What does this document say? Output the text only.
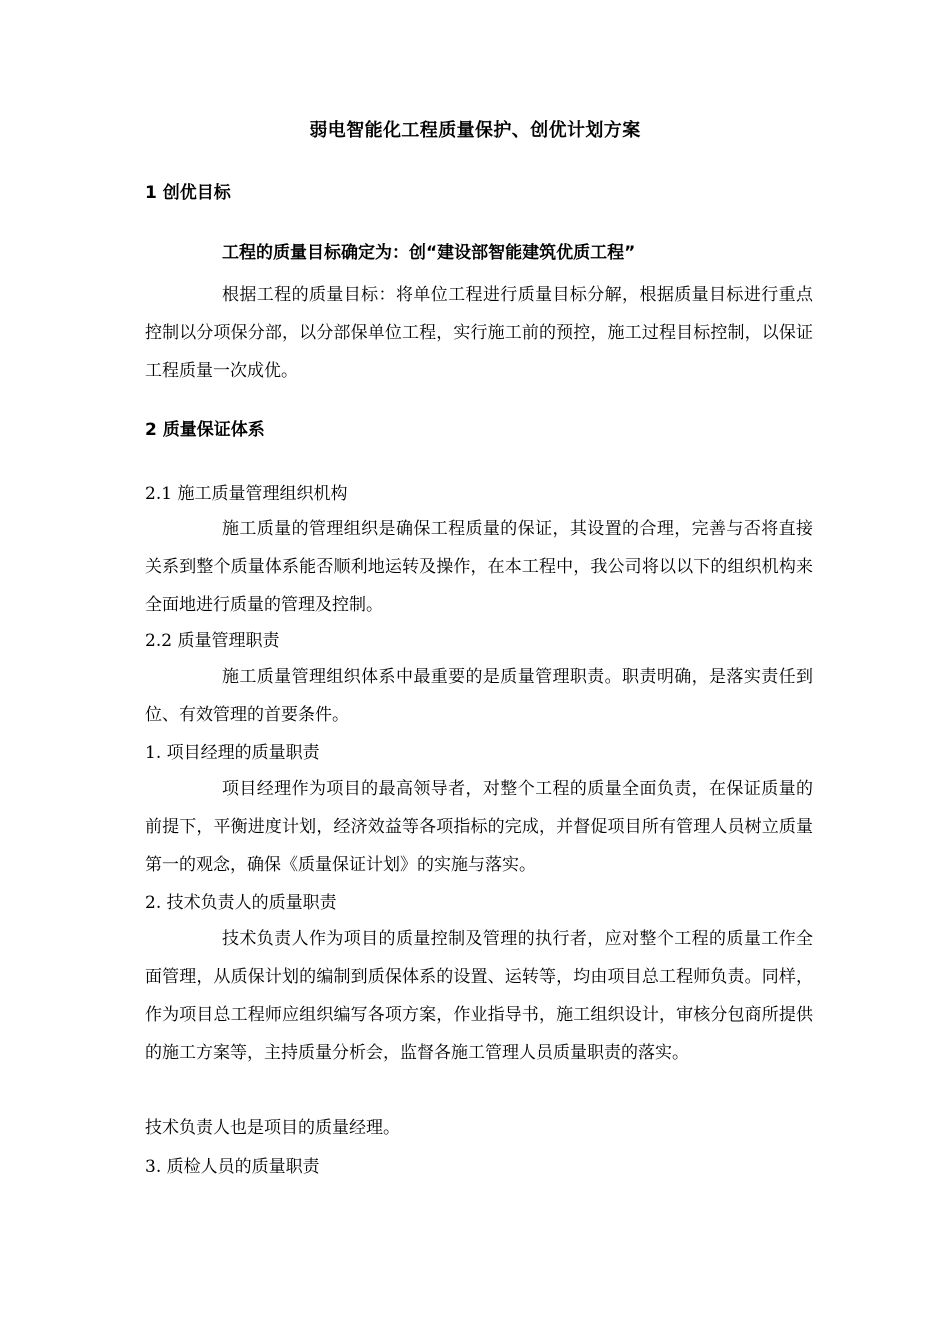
弱电智能化工程质量保护、创优计划方案
1 创优目标
工程的质量目标确定为：创“建设部智能建筑优质工程”

根据工程的质量目标：将单位工程进行质量目标分解，根据质量目标进行重点控制以分项保分部，以分部保单位工程，实行施工前的预控，施工过程目标控制，以保证工程质量一次成优。

2 质量保证体系
2.1 施工质量管理组织机构

施工质量的管理组织是确保工程质量的保证，其设置的合理，完善与否将直接关系到整个质量体系能否顺利地运转及操作，在本工程中，我公司将以以下的组织机构来全面地进行质量的管理及控制。

2.2 质量管理职责

施工质量管理组织体系中最重要的是质量管理职责。职责明确，是落实责任到位、有效管理的首要条件。

1. 项目经理的质量职责

项目经理作为项目的最高领导者，对整个工程的质量全面负责，在保证质量的前提下，平衡进度计划，经济效益等各项指标的完成，并督促项目所有管理人员树立质量第一的观念，确保《质量保证计划》的实施与落实。

2. 技术负责人的质量职责

技术负责人作为项目的质量控制及管理的执行者，应对整个工程的质量工作全面管理，从质保计划的编制到质保体系的设置、运转等，均由项目总工程师负责。同样，作为项目总工程师应组织编写各项方案，作业指导书，施工组织设计，审核分包商所提供的施工方案等，主持质量分析会，监督各施工管理人员质量职责的落实。

技术负责人也是项目的质量经理。
3. 质检人员的质量职责
